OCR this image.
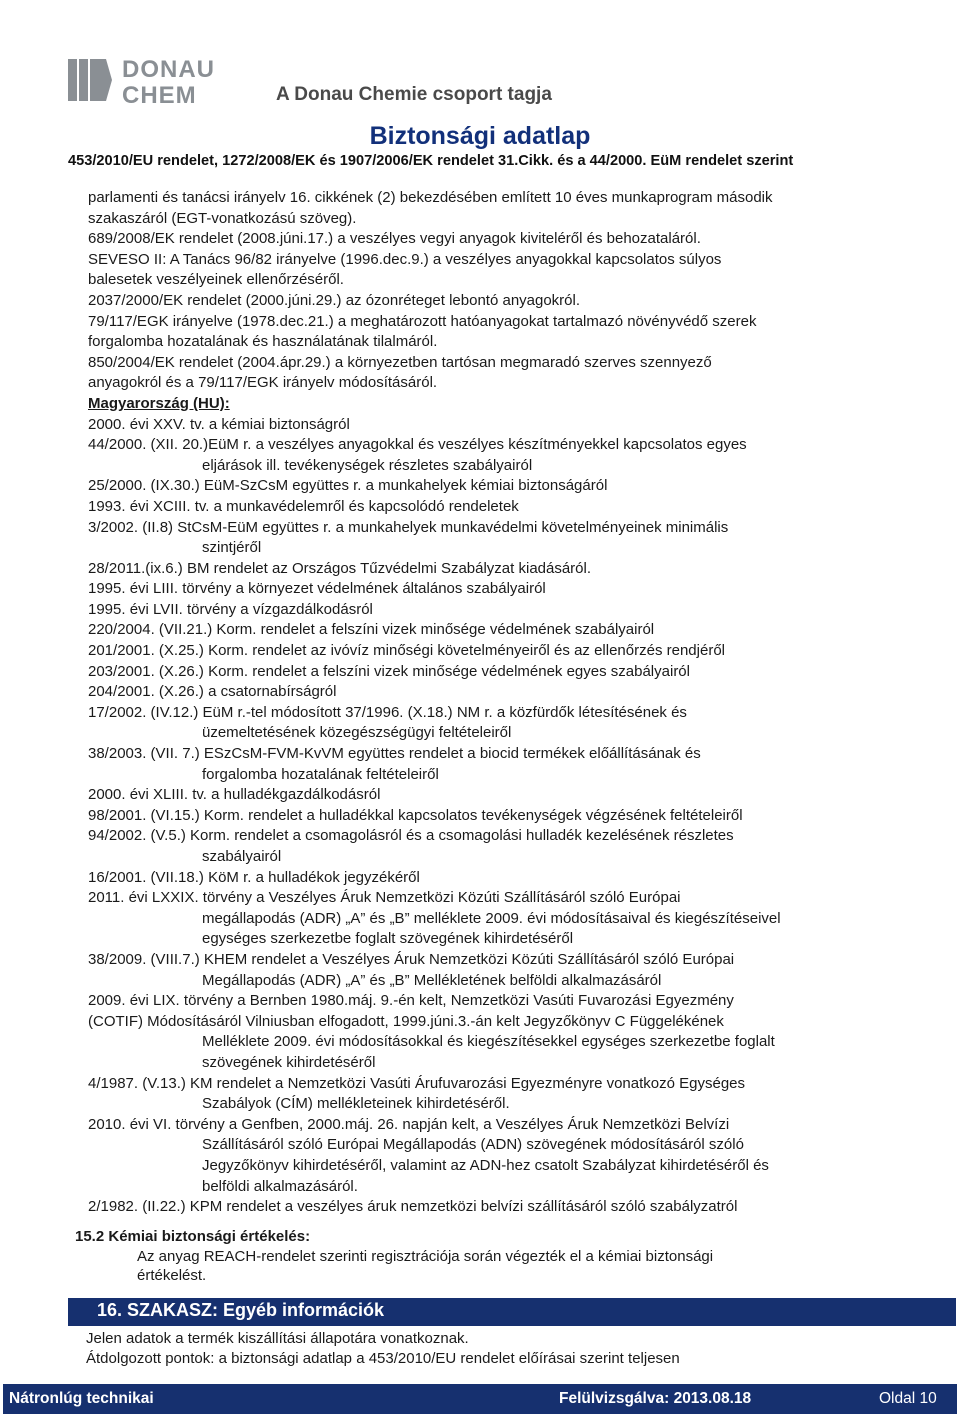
DONAU
CHEM	A Donau Chemie csoport tagja
Biztonsági adatlap
453/2010/EU rendelet, 1272/2008/EK és 1907/2006/EK rendelet 31.Cikk. és a 44/2000. EüM rendelet szerint
parlamenti és tanácsi irányelv 16. cikkének (2) bekezdésében említett 10 éves munkaprogram második
szakaszáról (EGT-vonatkozású szöveg).
689/2008/EK rendelet (2008.júni.17.) a veszélyes vegyi anyagok kiviteléről és behozataláról.
SEVESO II: A Tanács 96/82 irányelve (1996.dec.9.) a veszélyes anyagokkal kapcsolatos súlyos
balesetek veszélyeinek ellenőrzéséről.
2037/2000/EK rendelet (2000.júni.29.) az ózonréteget lebontó anyagokról.
79/117/EGK irányelve (1978.dec.21.) a meghatározott hatóanyagokat tartalmazó növényvédő szerek
forgalomba hozatalának és használatának tilalmáról.
850/2004/EK rendelet (2004.ápr.29.) a környezetben tartósan megmaradó szerves szennyező
anyagokról és a 79/117/EGK irányelv módosításáról.
Magyarország (HU):
2000. évi XXV. tv. a kémiai biztonságról
44/2000. (XII. 20.)EüM r. a veszélyes anyagokkal és veszélyes készítményekkel kapcsolatos egyes
eljárások ill. tevékenységek részletes szabályairól
25/2000. (IX.30.) EüM-SzCsM együttes r. a munkahelyek kémiai biztonságáról
1993. évi XCIII. tv. a munkavédelemről és kapcsolódó rendeletek
3/2002. (II.8) StCsM-EüM együttes r. a munkahelyek munkavédelmi követelményeinek minimális
szintjéről
28/2011.(ix.6.) BM rendelet az Országos Tűzvédelmi Szabályzat kiadásáról.
1995. évi LIII. törvény a környezet védelmének általános szabályairól
1995. évi LVII. törvény a vízgazdálkodásról
220/2004. (VII.21.) Korm. rendelet a felszíni vizek minősége védelmének szabályairól
201/2001. (X.25.) Korm. rendelet az ivóvíz minőségi követelményeiről és az ellenőrzés rendjéről
203/2001. (X.26.) Korm. rendelet a felszíni vizek minősége védelmének egyes szabályairól
204/2001. (X.26.) a csatornabírságról
17/2002. (IV.12.) EüM r.-tel módosított 37/1996. (X.18.) NM r. a közfürdők létesítésének és
üzemeltetésének közegészségügyi feltételeiről
38/2003. (VII. 7.) ESzCsM-FVM-KvVM együttes rendelet a biocid termékek előállításának és
forgalomba hozatalának feltételeiről
2000. évi XLIII. tv. a hulladékgazdálkodásról
98/2001. (VI.15.) Korm. rendelet a hulladékkal kapcsolatos tevékenységek végzésének feltételeiről
94/2002. (V.5.) Korm. rendelet a csomagolásról és a csomagolási hulladék kezelésének részletes
szabályairól
16/2001. (VII.18.) KöM r. a hulladékok jegyzékéről
2011. évi LXXIX. törvény a Veszélyes Áruk Nemzetközi Közúti Szállításáról szóló Európai
megállapodás (ADR) „A” és „B” melléklete 2009. évi módosításaival és kiegészítéseivel
egységes szerkezetbe foglalt szövegének kihirdetéséről
38/2009. (VIII.7.) KHEM rendelet a Veszélyes Áruk Nemzetközi Közúti Szállításáról szóló Európai
Megállapodás (ADR) „A” és „B” Mellékletének belföldi alkalmazásáról
2009. évi LIX. törvény a Bernben 1980.máj. 9.-én kelt, Nemzetközi Vasúti Fuvarozási Egyezmény
(COTIF) Módosításáról Vilniusban elfogadott, 1999.júni.3.-án kelt Jegyzőkönyv C Függelékének
Melléklete 2009. évi módosításokkal és kiegészítésekkel egységes szerkezetbe foglalt
szövegének kihirdetéséről
4/1987. (V.13.) KM rendelet a Nemzetközi Vasúti Árufuvarozási Egyezményre vonatkozó Egységes
Szabályok (CÍM) mellékleteinek kihirdetéséről.
2010. évi VI. törvény a Genfben, 2000.máj. 26. napján kelt, a Veszélyes Áruk Nemzetközi Belvízi
Szállításáról szóló Európai Megállapodás (ADN) szövegének módosításáról szóló
Jegyzőkönyv kihirdetéséről, valamint az ADN-hez csatolt Szabályzat kihirdetéséről és
belföldi alkalmazásáról.
2/1982. (II.22.) KPM rendelet a veszélyes áruk nemzetközi belvízi szállításáról szóló szabályzatról
15.2 Kémiai biztonsági értékelés:
Az anyag REACH-rendelet szerinti regisztrációja során végezték el a kémiai biztonsági
értékelést.
16. SZAKASZ: Egyéb információk
Jelen adatok a termék kiszállítási állapotára vonatkoznak.
Átdolgozott pontok: a biztonsági adatlap a 453/2010/EU rendelet előírásai szerint teljesen
Nátronlúg technikai	Felülvizsgálva: 2013.08.18	Oldal 10
